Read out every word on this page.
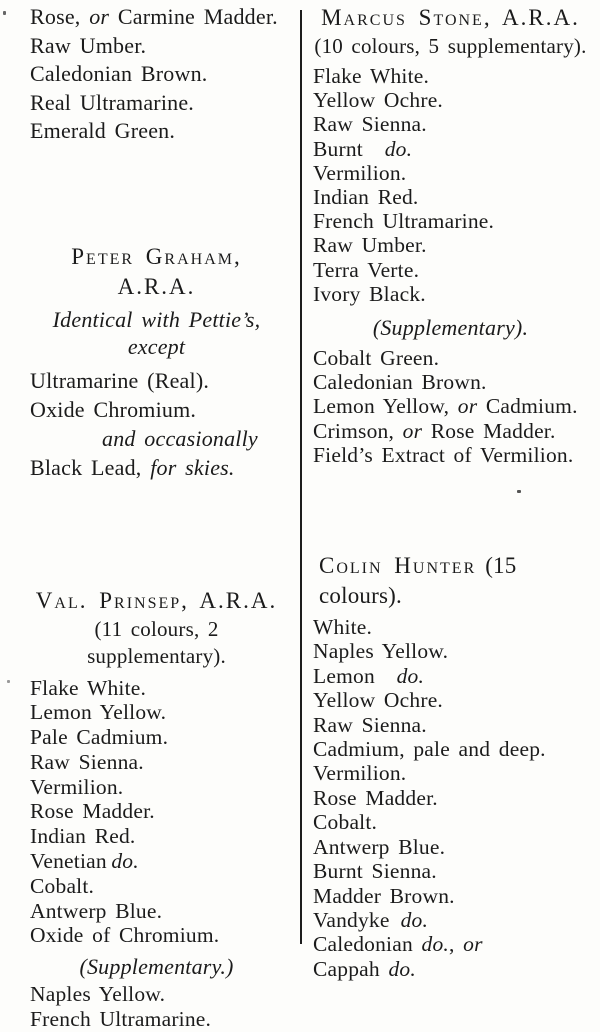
Rose, or Carmine Madder.
Raw Umber.
Caledonian Brown.
Real Ultramarine.
Emerald Green.
Peter Graham, A.R.A.
Identical with Pettie’s, except
Ultramarine (Real).
Oxide Chromium.
and occasionally
Black Lead, for skies.
Val. Prinsep, A.R.A.
(11 colours, 2 supplementary).
Flake White.
Lemon Yellow.
Pale Cadmium.
Raw Sienna.
Vermilion.
Rose Madder.
Indian Red.
Venetian do.
Cobalt.
Antwerp Blue.
Oxide of Chromium.
(Supplementary.)
Naples Yellow.
French Ultramarine.
Marcus Stone, A.R.A.
(10 colours, 5 supplementary).
Flake White.
Yellow Ochre.
Raw Sienna.
Burnt do.
Vermilion.
Indian Red.
French Ultramarine.
Raw Umber.
Terra Verte.
Ivory Black.
(Supplementary).
Cobalt Green.
Caledonian Brown.
Lemon Yellow, or Cadmium.
Crimson, or Rose Madder.
Field’s Extract of Vermilion.
Colin Hunter (15 colours).
White.
Naples Yellow.
Lemon do.
Yellow Ochre.
Raw Sienna.
Cadmium, pale and deep.
Vermilion.
Rose Madder.
Cobalt.
Antwerp Blue.
Burnt Sienna.
Madder Brown.
Vandyke do.
Caledonian do., or
Cappah do.
